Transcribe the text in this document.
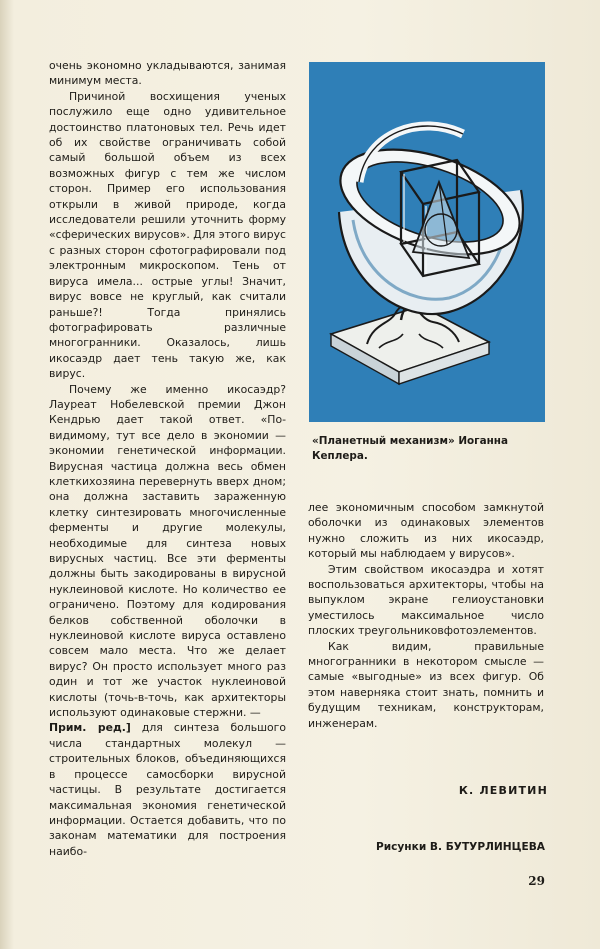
очень экономно укладываются, занимая минимум места.

Причиной восхищения ученых послужило еще одно удивительное достоинство платоновых тел. Речь идет об их свойстве ограничивать собой самый большой объем из всех возможных фигур с тем же числом сторон. Пример его использования открыли в живой природе, когда исследователи решили уточнить форму «сферических вирусов». Для этого вирус с разных сторон сфотографировали под электронным микроскопом. Тень от вируса имела... острые углы! Значит, вирус вовсе не круглый, как считали раньше?! Тогда принялись фотографировать различные многогранники. Оказалось, лишь икосаэдр дает тень такую же, как вирус.

Почему же именно икосаэдр? Лауреат Нобелевской премии Джон Кендрью дает такой ответ. «По-видимому, тут все дело в экономии — экономии генетической информации. Вирусная частица должна весь обмен клеткихозяина перевернуть вверх дном; она должна заставить зараженную клетку синтезировать многочисленные ферменты и другие молекулы, необходимые для синтеза новых вирусных частиц. Все эти ферменты должны быть закодированы в вирусной нуклеиновой кислоте. Но количество ее ограничено. Поэтому для кодирования белков собственной оболочки в нуклеиновой кислоте вируса оставлено совсем мало места. Что же делает вирус? Он просто использует много раз один и тот же участок нуклеиновой кислоты (точь-в-точь, как архитекторы используют одинаковые стержни. —

Прим. ред.] для синтеза большого числа стандартных молекул — строительных блоков, объединяющихся в процессе самосборки вирусной частицы. В результате достигается максимальная экономия генетической информации. Остается добавить, что по законам математики для построения наибо-

«Планетный механизм» Иоганна Кеплера.

лее экономичным способом замкнутой оболочки из одинаковых элементов нужно сложить из них икосаэдр, который мы наблюдаем у вирусов».

Этим свойством икосаэдра и хотят воспользоваться архитекторы, чтобы на выпуклом экране гелиоустановки уместилось максимальное число плоских треугольниковфотоэлементов.

Как видим, правильные многогранники в некотором смысле — самые «выгодные» из всех фигур. Об этом наверняка стоит знать, помнить и будущим техникам, конструкторам, инженерам.

К. ЛЕВИТИН
Рисунки В. БУТУРЛИНЦЕВА
29
